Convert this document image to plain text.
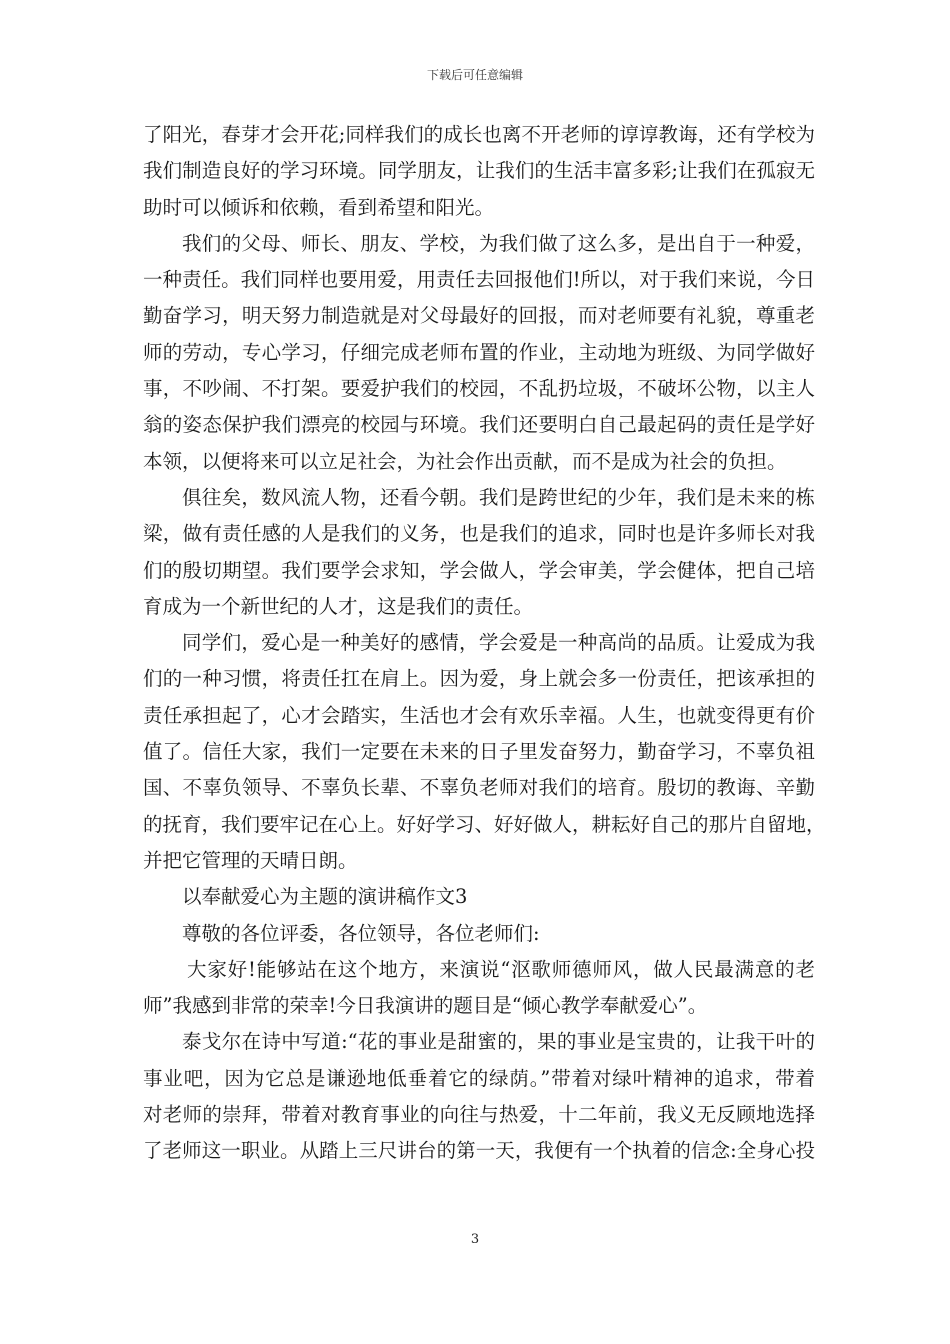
下载后可任意编辑
了阳光，春芽才会开花;同样我们的成长也离不开老师的谆谆教诲，还有学校为
我们制造良好的学习环境。同学朋友，让我们的生活丰富多彩;让我们在孤寂无
助时可以倾诉和依赖，看到希望和阳光。
我们的父母、师长、朋友、学校，为我们做了这么多，是出自于一种爱，
一种责任。我们同样也要用爱，用责任去回报他们!所以，对于我们来说，今日
勤奋学习，明天努力制造就是对父母最好的回报，而对老师要有礼貌，尊重老
师的劳动，专心学习，仔细完成老师布置的作业，主动地为班级、为同学做好
事，不吵闹、不打架。要爱护我们的校园，不乱扔垃圾，不破坏公物，以主人
翁的姿态保护我们漂亮的校园与环境。我们还要明白自己最起码的责任是学好
本领，以便将来可以立足社会，为社会作出贡献，而不是成为社会的负担。
俱往矣，数风流人物，还看今朝。我们是跨世纪的少年，我们是未来的栋
梁，做有责任感的人是我们的义务，也是我们的追求，同时也是许多师长对我
们的殷切期望。我们要学会求知，学会做人，学会审美，学会健体，把自己培
育成为一个新世纪的人才，这是我们的责任。
同学们，爱心是一种美好的感情，学会爱是一种高尚的品质。让爱成为我
们的一种习惯，将责任扛在肩上。因为爱，身上就会多一份责任，把该承担的
责任承担起了，心才会踏实，生活也才会有欢乐幸福。人生，也就变得更有价
值了。信任大家，我们一定要在未来的日子里发奋努力，勤奋学习，不辜负祖
国、不辜负领导、不辜负长辈、不辜负老师对我们的培育。殷切的教诲、辛勤
的抚育，我们要牢记在心上。好好学习、好好做人，耕耘好自己的那片自留地，
并把它管理的天晴日朗。
以奉献爱心为主题的演讲稿作文3
尊敬的各位评委，各位领导，各位老师们:
大家好!能够站在这个地方，来演说“沤歌师德师风，做人民最满意的老
师”我感到非常的荣幸!今日我演讲的题目是“倾心教学奉献爱心”。
泰戈尔在诗中写道:“花的事业是甜蜜的，果的事业是宝贵的，让我干叶的
事业吧，因为它总是谦逊地低垂着它的绿荫。”带着对绿叶精神的追求，带着
对老师的崇拜，带着对教育事业的向往与热爱，十二年前，我义无反顾地选择
了老师这一职业。从踏上三尺讲台的第一天，我便有一个执着的信念:全身心投
3
